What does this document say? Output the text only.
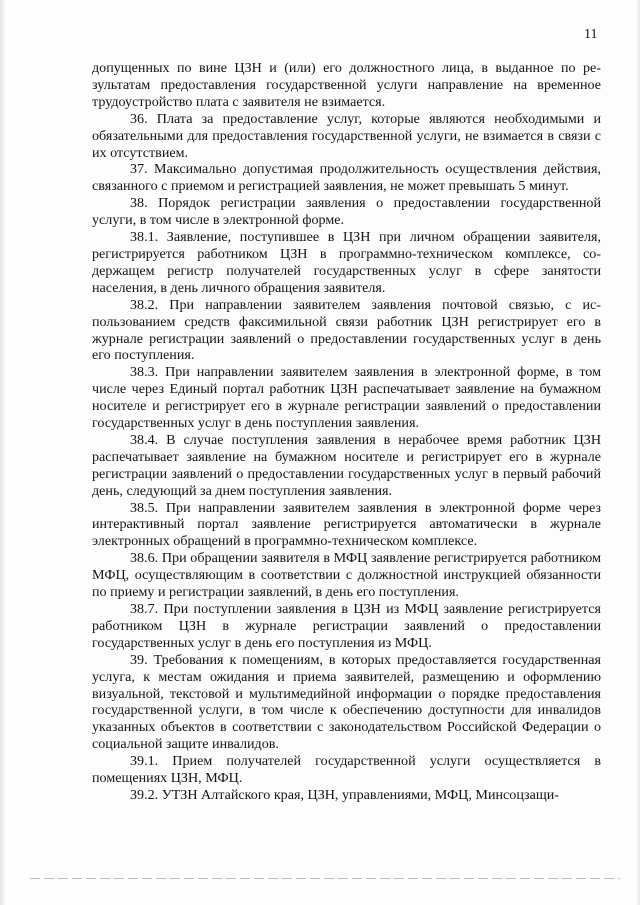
11

допущенных по вине ЦЗН и (или) его должностного лица, в выданное по результатам предоставления государственной услуги направление на временное трудоустройство плата с заявителя не взимается.

36. Плата за предоставление услуг, которые являются необходимыми и обязательными для предоставления государственной услуги, не взимается в связи с их отсутствием.

37. Максимально допустимая продолжительность осуществления действия, связанного с приемом и регистрацией заявления, не может превышать 5 минут.

38. Порядок регистрации заявления о предоставлении государственной услуги, в том числе в электронной форме.

38.1. Заявление, поступившее в ЦЗН при личном обращении заявителя, регистрируется работником ЦЗН в программно-техническом комплексе, содержащем регистр получателей государственных услуг в сфере занятости населения, в день личного обращения заявителя.

38.2. При направлении заявителем заявления почтовой связью, с использованием средств факсимильной связи работник ЦЗН регистрирует его в журнале регистрации заявлений о предоставлении государственных услуг в день его поступления.

38.3. При направлении заявителем заявления в электронной форме, в том числе через Единый портал работник ЦЗН распечатывает заявление на бумажном носителе и регистрирует его в журнале регистрации заявлений о предоставлении государственных услуг в день поступления заявления.

38.4. В случае поступления заявления в нерабочее время работник ЦЗН распечатывает заявление на бумажном носителе и регистрирует его в журнале регистрации заявлений о предоставлении государственных услуг в первый рабочий день, следующий за днем поступления заявления.

38.5. При направлении заявителем заявления в электронной форме через интерактивный портал заявление регистрируется автоматически в журнале электронных обращений в программно-техническом комплексе.

38.6. При обращении заявителя в МФЦ заявление регистрируется работником МФЦ, осуществляющим в соответствии с должностной инструкцией обязанности по приему и регистрации заявлений, в день его поступления.

38.7. При поступлении заявления в ЦЗН из МФЦ заявление регистрируется работником ЦЗН в журнале регистрации заявлений о предоставлении государственных услуг в день его поступления из МФЦ.

39. Требования к помещениям, в которых предоставляется государственная услуга, к местам ожидания и приема заявителей, размещению и оформлению визуальной, текстовой и мультимедийной информации о порядке предоставления государственной услуги, в том числе к обеспечению доступности для инвалидов указанных объектов в соответствии с законодательством Российской Федерации о социальной защите инвалидов.

39.1. Прием получателей государственной услуги осуществляется в помещениях ЦЗН, МФЦ.

39.2. УТЗН Алтайского края, ЦЗН, управлениями, МФЦ, Минсоцзащи-
